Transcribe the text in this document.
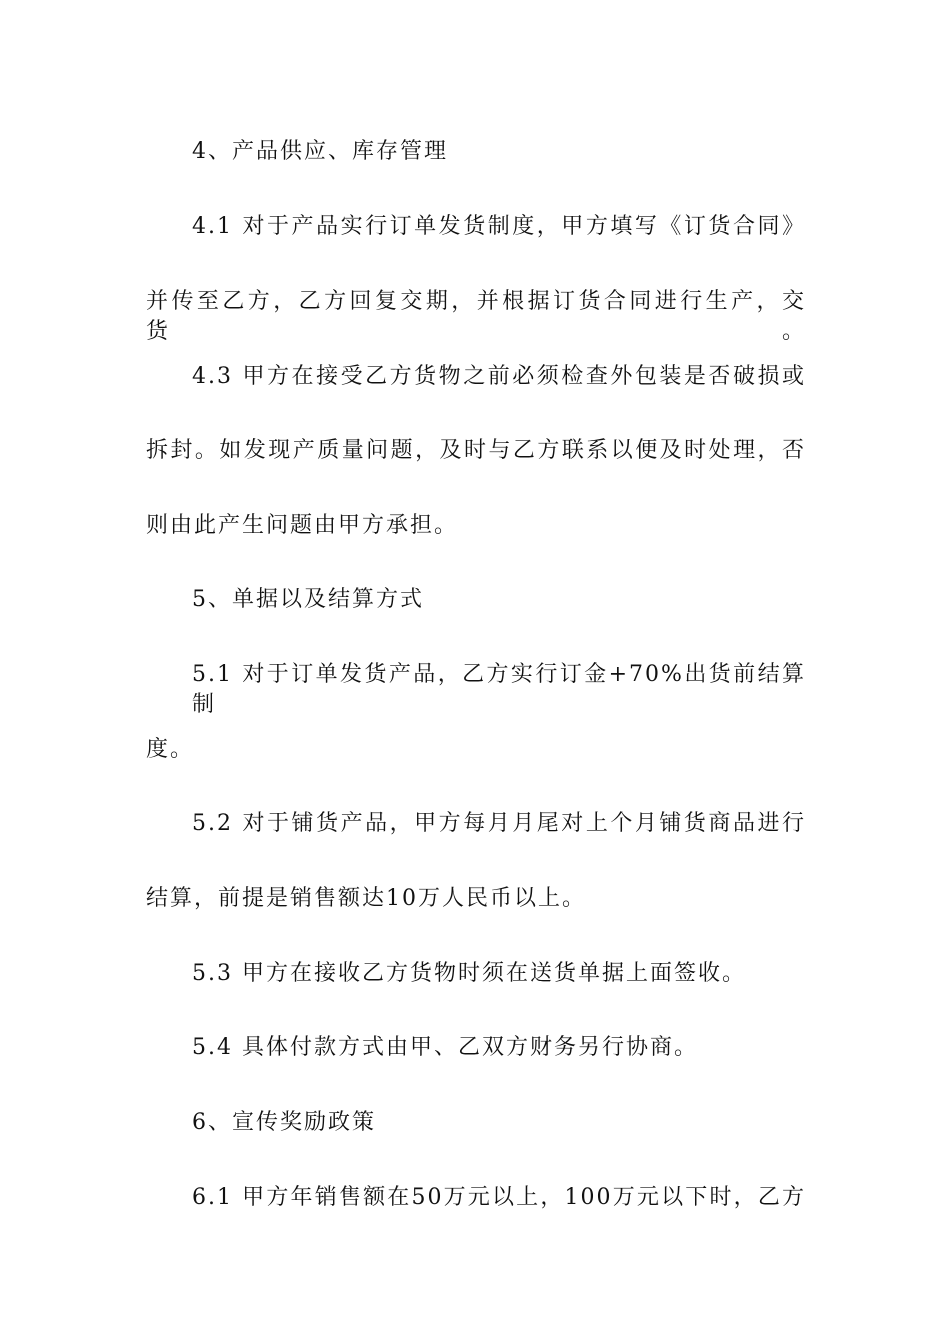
4、产品供应、库存管理
4.1 对于产品实行订单发货制度，甲方填写《订货合同》
并传至乙方，乙方回复交期，并根据订货合同进行生产，交货。
4.3 甲方在接受乙方货物之前必须检查外包装是否破损或
拆封。如发现产质量问题，及时与乙方联系以便及时处理，否
则由此产生问题由甲方承担。
5、单据以及结算方式
5.1 对于订单发货产品，乙方实行订金+70%出货前结算制
度。
5.2 对于铺货产品，甲方每月月尾对上个月铺货商品进行
结算，前提是销售额达10万人民币以上。
5.3 甲方在接收乙方货物时须在送货单据上面签收。
5.4 具体付款方式由甲、乙双方财务另行协商。
6、宣传奖励政策
6.1 甲方年销售额在50万元以上，100万元以下时，乙方
